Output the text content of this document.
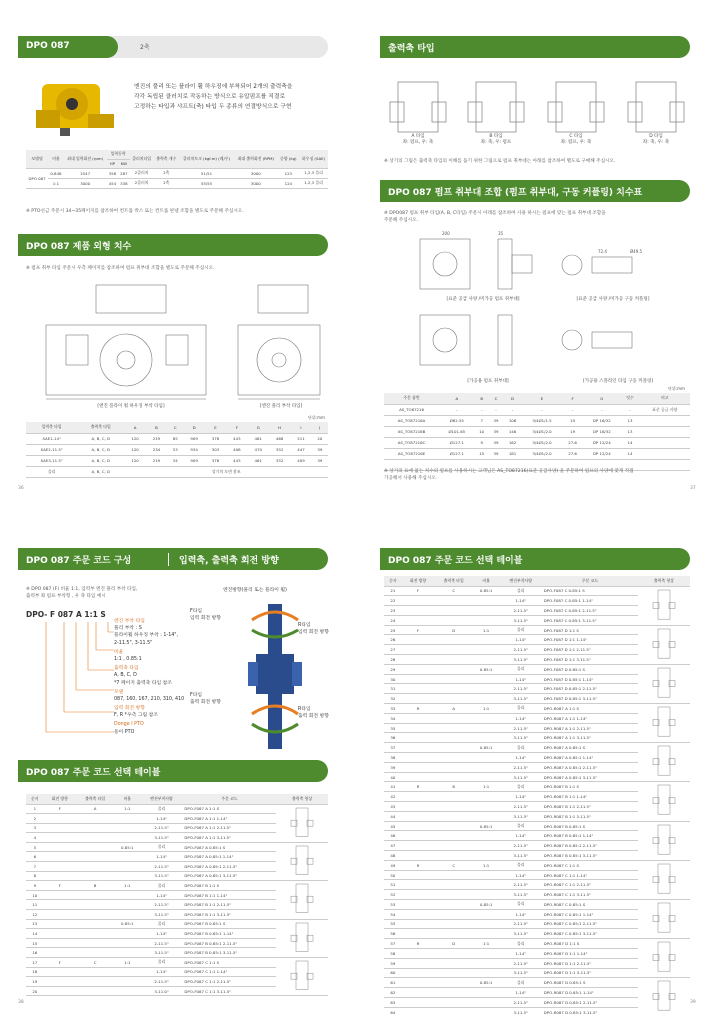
DPO 087	2축
엔진의 풀리 또는 플라이 휠 하우징에 부착되어 2개의 출력축을
각각 독립된 클러치로 작동하는 방식으로 유압펌프를 직결로
고정하는 타입과 샤프트(축) 타입 두 종류의 연결방식으로 구현
모델명	비율	최대 입력회전 (rpm)	입력동력		클러치타입	출력축 개수	클러치토크 (kgf.m) (레/우)	최대 출력회전 (RPM)	중량 (kg)	하우징 (SAE)
			HP	KW						
DPO 087	0.848	2547	358	287	2클러치	2축	51/51	3000	123	1,2,3 플리
	1:1	3000	454	338	2클러치	2축	55/55	3000	124	1,2,3 플리
※ PTO선금 주문시 34~35페이지를 참조하여 컨트롤 박스 또는 컨트롤 판넬 조합을 별도로 주문해 주십시오.
DPO 087 제품 외형 치수
※ 펌프 취부 타입 주문시 우측 페이지를 참조하여 펌프 취부대 조합을 별도로 주문해 주십시오.
[엔진 플라이 휠 하우징 부착 타입]	[엔진 풀리 부착 타입]
단위:mm
입력축 타입	출력축 타입	A	B	C	D	E	F	G	H	I	J
SAE1-14"	A, B, C, D	120	219	85	909	378	443	461	468	511	20
SAE2-11.5"	A, B, C, D	120	234	53	934	303	408	470	352	447	39
SAE3-11.5"	A, B, C, D	120	219	34	909	378	443	461	352	409	39
플리	A, B, C, D	상기의 도면 참조									
36
출력축 타입
A 타입
좌: 펌프, 우: 축
B 타입
좌: 축, 우: 펌프
C 타입
좌: 펌프, 우: 축
D 타입
좌: 축, 우: 축
※ 상기의 그림은 출력축 타입의 이해를 돕기 위한 그림으로 펌프 취부대는 아래를 참조하여 별도로 구매해 주십시오.
DPO 087 펌프 취부대 조합 (펌프 취부대, 구동 커플링) 치수표
※ DPO087 펌프 취부 타입(A, B, C타입) 주문시 아래를 참조하여 사용 하시는 펌프에 맞는 펌프 취부대 조합을
주문해 주십시오.
200	35
72.4	Ø49.5
[표준 공급 사양 /미가공 펌프 취부대]	[표준 공급 사양 /미가공 구동 커플링]
[가공용 펌프 취부대]	[가공용 스플라인 타입 구동 커플링]
단위:mm
주문 품번	A	B	C	D	E	F	G	잇수	비고
AS_TO87216	-	-	-	-	-	-	-	-	표준 공급 사양
AS_TO87216A	Ø82.55	7	39	106	3/4Ø1/1.5	19	DP 16/32	13	
AS_TO87216B	Ø101.65	10	39	146	3/4Ø1/2.0	19	DP 16/32	13	
AS_TO87216C	Ø127.1	9	39	162	3/4Ø1/2.0	27.6	DP 12/24	14	
AS_TO87216E	Ø127.1	15	39	181	3/4Ø1/2.0	27.6	DP 12/24	14	

※ 상기의 표에 없는 치수의 펌프를 사용하시는 고객님은 AS_TO87216(표준 공급사양) 을 주문하여 펌프의 사양에 맞게 직접
가공해서 사용해 주십시오.
37
DPO 087 주문 코드 구성	입력축, 출력축 회전 방향
※ DPO 087 (F) 비율 1:1, 입력부 엔진 풀리 부착 타입,
출력부 좌 펌프 부착형 , 우 축 타입 예시
DPO- F 087 A 1:1 S
엔진 부착 타입
풀리 부착 : S
플라이휠 하우징 부착 : 1-14",
2-11.5", 3-11.5"
비율
1:1 , 0.85:1
출력축 타입
A, B, C, D
*7 페이지 출력축 타입 참조
모델
087, 160, 167, 210, 310, 410
입력 회전 방향
F, R *우측 그림 참조
Donge I PTO
동이 PTO
엔진방향(풀리 또는 플라이 휠)
F타입
입력 회전 방향
R타입
입력 회전 방향
F타입
출력 회전 방향
R타입
출력 회전 방향
DPO 087 주문 코드 선택 테이블
순서	회전 방향	출력축 타입	비율	엔진부착사양	주문 코드	출력축 형상
1	F	A	1:1	풀리	DPO-F087 A 1:1 S	
2				1-14"	DPO-F087 A 1:1 1-14"	
3				2-11.5"	DPO-F087 A 1:1 2-11.5"	
4				3-11.5"	DPO-F087 A 1:1 3-11.5"	
5			0.85:1	풀리	DPO-F087 A 0.85:1 S	
6				1-14"	DPO-F087 A 0.85:1 1-14"	
7				2-11.5"	DPO-F087 A 0.85:1 2-11.5"	
8				3-11.5"	DPO-F087 A 0.85:1 3-11.5"	
9	F	B	1:1	풀리	DPO-F087 B 1:1 S	
10				1-14"	DPO-F087 B 1:1 1-14"	
11				2-11.5"	DPO-F087 B 1:1 2-11.5"	
12				3-11.5"	DPO-F087 B 1:1 3-11.5"	
13			0.85:1	풀리	DPO-F087 B 0.85:1 S	
14				1-14"	DPO-F087 B 0.85:1 1-14"	
15				2-11.5"	DPO-F087 B 0.85:1 2-11.5"	
16				3-11.5"	DPO-F087 B 0.85:1 3-11.5"	
17	F	C	1:1	풀리	DPO-F087 C 1:1 S	
18				1-14"	DPO-F087 C 1:1 1-14"	
19				2-11.5"	DPO-F087 C 1:1 2-11.5"	
20				3-11.0"	DPO-F087 C 1:1 3-11.5"	
38
DPO 087 주문 코드 선택 테이블
순서	회전 방향	출력축 타입	비율	엔진부착사양	주문 코드	출력축 형상
21	F	C	0.85:1	풀리	DPO-F087 C 0.85:1 S	
22				1-14"	DPO-F087 C 0.85:1 1-14"	
23				2-11.5"	DPO-F087 C 0.85:1 2-11.5"	
24				3-11.5"	DPO-F087 C 0.85:1 3-11.5"	
25	F	D	1:1	풀리	DPO-F087 D 1:1 S	
26				1-14"	DPO-F087 D 1:1 1-14"	
27				2-11.5"	DPO-F087 D 1:1 2-11.5"	
28				3-11.5"	DPO-F087 D 1:1 3-11.5"	
29			0.85:1	풀리	DPO-F087 D 0.85:1 S	
30				1-14"	DPO-F087 D 0.85:1 1-14"	
31				2-11.5"	DPO-F087 D 0.85:1 2-11.5"	
32				3-11.5"	DPO-F087 D 0.85:1 3-11.5"	
33	R	A	1:1	풀리	DPO-R087 A 1:1 S	
34				1-14"	DPO-R087 A 1:1 1-14"	
35				2-11.5"	DPO-R087 A 1:1 2-11.5"	
36				3-11.5"	DPO-R087 A 1:1 3-11.5"	
37			0.85:1	풀리	DPO-R087 A 0.85:1 S	
38				1-14"	DPO-R087 A 0.85:1 1-14"	
39				2-11.5"	DPO-R087 A 0.85:1 2-11.5"	
40				3-11.5"	DPO-R087 A 0.85:1 3-11.5"	
41	R	B	1:1	풀리	DPO-R087 B 1:1 S	
42				1-14"	DPO-R087 B 1:1 1-14"	
43				2-11.5"	DPO-R087 B 1:1 2-11.5"	
44				3-11.5"	DPO-R087 B 1:1 3-11.5"	
45			0.85:1	풀리	DPO-R087 B 0.85:1 S	
46				1-14"	DPO-R087 B 0.85:1 1-14"	
47				2-11.5"	DPO-R087 B 0.85:1 2-11.5"	
48				3-11.5"	DPO-R087 B 0.85:1 3-11.5"	
49	R	C	1:1	풀리	DPO-R087 C 1:1 S	
50				1-14"	DPO-R087 C 1:1 1-14"	
51				2-11.5"	DPO-R087 C 1:1 2-11.5"	
52				3-11.5"	DPO-R087 C 1:1 3-11.5"	
53			0.85:1	풀리	DPO-R087 C 0.85:1 S	
54				1-14"	DPO-R087 C 0.85:1 1-14"	
55				2-11.5"	DPO-R087 C 0.85:1 2-11.5"	
56				3-11.5"	DPO-R087 C 0.85:1 3-11.5"	
57	R	D	1:1	풀리	DPO-R087 D 1:1 S	
58				1-14"	DPO-R087 D 1:1 1-14"	
59				2-11.5"	DPO-R087 D 1:1 2-11.5"	
60				3-11.5"	DPO-R087 D 1:1 3-11.5"	
61			0.85:1	풀리	DPO-R087 D 0.85:1 S	
62				1-14"	DPO-R087 D 0.85:1 1-14"	
63				2-11.5"	DPO-R087 D 0.85:1 2-11.5"	
64				3-11.5"	DPO-R087 D 0.85:1 3-11.5"	
39
